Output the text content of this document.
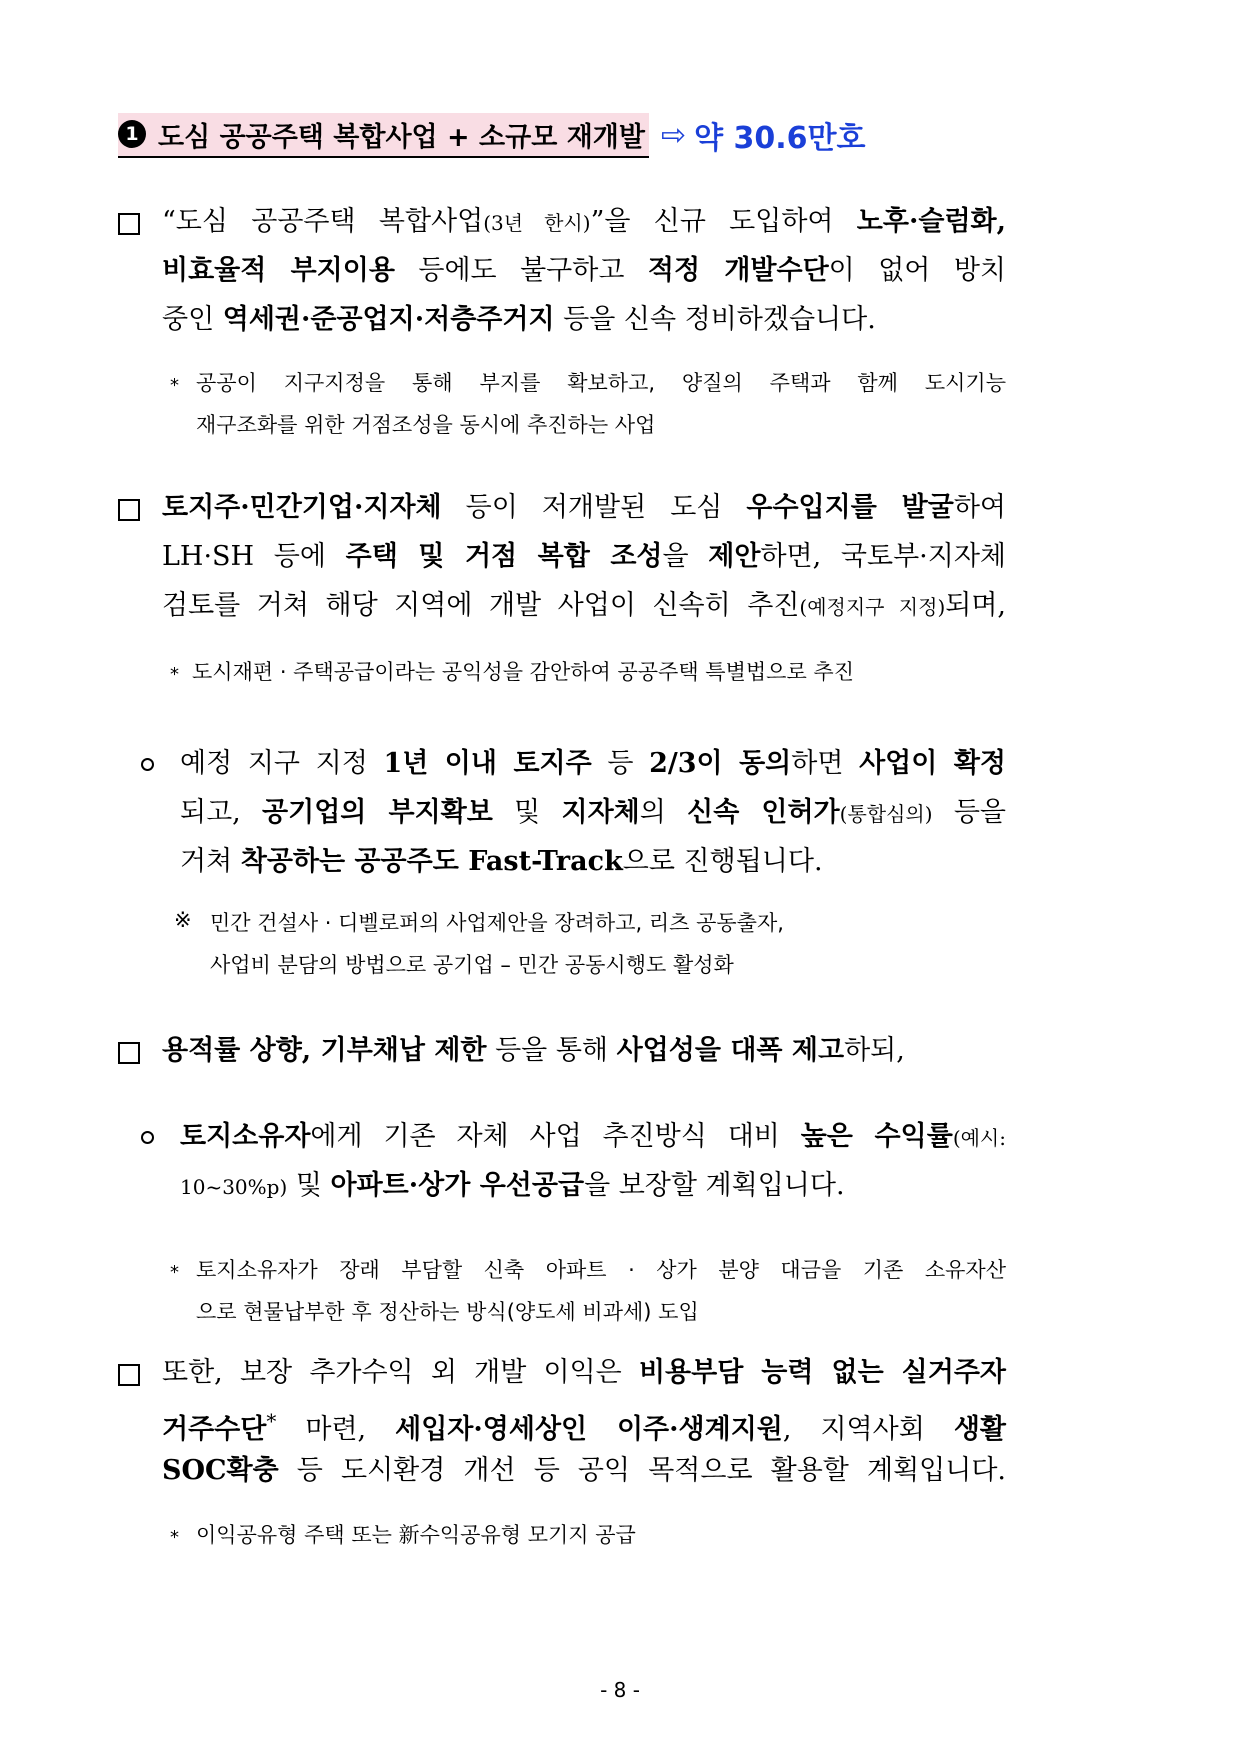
1 도심 공공주택 복합사업 + 소규모 재개발 ⇨ 약 30.6만호
“도심 공공주택 복합사업(3년 한시)”을 신규 도입하여 노후·슬럼화,
비효율적 부지이용 등에도 불구하고 적정 개발수단이 없어 방치
중인 역세권·준공업지·저층주거지 등을 신속 정비하겠습니다.
* 공공이 지구지정을 통해 부지를 확보하고, 양질의 주택과 함께 도시기능
재구조화를 위한 거점조성을 동시에 추진하는 사업
토지주·민간기업·지자체 등이 저개발된 도심 우수입지를 발굴하여
LH·SH 등에 주택 및 거점 복합 조성을 제안하면, 국토부·지자체
검토를 거쳐 해당 지역에 개발 사업이 신속히 추진(예정지구 지정)되며,
* 도시재편 · 주택공급이라는 공익성을 감안하여 공공주택 특별법으로 추진
예정 지구 지정 1년 이내 토지주 등 2/3이 동의하면 사업이 확정
되고, 공기업의 부지확보 및 지자체의 신속 인허가(통합심의) 등을
거쳐 착공하는 공공주도 Fast-Track으로 진행됩니다.
※ 민간 건설사 · 디벨로퍼의 사업제안을 장려하고, 리츠 공동출자,
사업비 분담의 방법으로 공기업 – 민간 공동시행도 활성화
용적률 상향, 기부채납 제한 등을 통해 사업성을 대폭 제고하되,
토지소유자에게 기존 자체 사업 추진방식 대비 높은 수익률(예시:
10~30%p) 및 아파트·상가 우선공급을 보장할 계획입니다.
* 토지소유자가 장래 부담할 신축 아파트 · 상가 분양 대금을 기존 소유자산
으로 현물납부한 후 정산하는 방식(양도세 비과세) 도입
또한, 보장 추가수익 외 개발 이익은 비용부담 능력 없는 실거주자
거주수단* 마련, 세입자·영세상인 이주·생계지원, 지역사회 생활
SOC확충 등 도시환경 개선 등 공익 목적으로 활용할 계획입니다.
* 이익공유형 주택 또는 新수익공유형 모기지 공급
- 8 -
